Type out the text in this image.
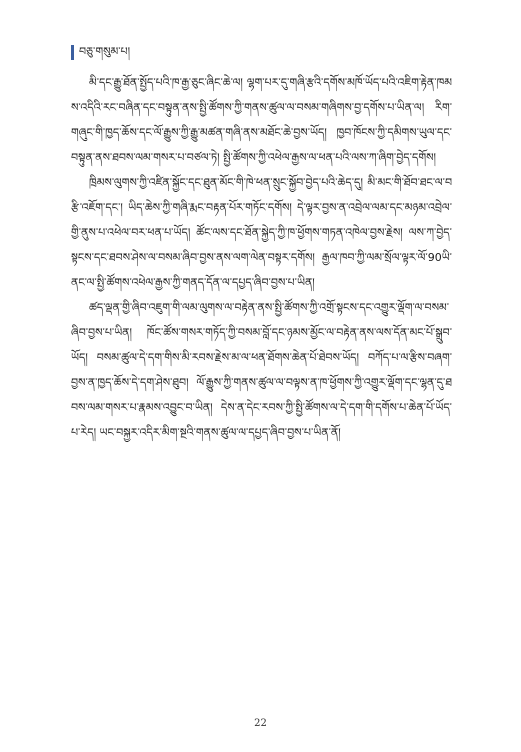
བཅུ་གསུམ་པ།

མི་དང་རྒྱུ་ཐོན་སྤྱོད་པའི་ཁ་རྒྱ་ཅུང་ཞིང་ཆེ་ལ། ལྷག་པར་དུ་གཞི་རྩའི་དགོས་མཁོ་ཡོད་པའི་འཇིག་རྟེན་ཁམས་འདིའི་རང་བཞིན་དང་བསྟུན་ནས་སྤྱི་ཚོགས་ཀྱི་གནས་ཚུལ་ལ་བསམ་གཞིགས་བྱ་དགོས་པ་ཡིན་ལ། རིག་གཞུང་གི་ཁྱད་ཆོས་དང་ལོ་རྒྱུས་ཀྱི་རྒྱུ་མཚན་གཞི་ནས་མཐོང་ཆེ་བྱས་ཡོད། ཁྱབ་ཁོངས་ཀྱི་དམིགས་ཡུལ་དང་བསྟུན་ནས་ཐབས་ལམ་གསར་པ་བཙལ་ཏེ། སྤྱི་ཚོགས་ཀྱི་འཕེལ་རྒྱས་ལ་ཕན་པའི་ལས་ཀ་ཞིག་བྱེད་དགོས།

ཁྲིམས་ལུགས་ཀྱི་འཛིན་སྐྱོང་དང་ཐུན་མོང་གི་ཁེ་ཕན་སྲུང་སྐྱོབ་བྱེད་པའི་ཆེད་དུ། མི་མང་གི་ཐོབ་ཐང་ལ་བརྩི་འཇོག་དང་། ཡིད་ཆེས་ཀྱི་གཞི་རྨང་བརྟན་པོར་གཏོང་དགོས། དེ་ལྟར་བྱས་ན་འབྲེལ་ལམ་དང་མཉམ་འབྲེལ་གྱི་ནུས་པ་འཕེལ་བར་ཕན་པ་ཡོད། ཚོང་ལས་དང་ཐོན་སྐྱེད་ཀྱི་ཁ་ཕྱོགས་གཏན་འཁེལ་བྱས་རྗེས། ལས་ཀ་བྱེད་སྟངས་དང་ཐབས་ཤེས་ལ་བསམ་ཞིབ་བྱས་ནས་ལག་ལེན་བསྟར་དགོས། རྒྱལ་ཁབ་ཀྱི་ལམ་སྲོལ་ལྟར་ལོ་90ཡི་ནང་ལ་སྤྱི་ཚོགས་འཕེལ་རྒྱས་ཀྱི་གནད་དོན་ལ་དཔྱད་ཞིབ་བྱས་པ་ཡིན།

ཚད་ལྡན་གྱི་ཞིབ་འཇུག་གི་ལམ་ལུགས་ལ་བརྟེན་ནས་སྤྱི་ཚོགས་ཀྱི་འགྲོ་སྟངས་དང་འགྱུར་ལྡོག་ལ་བསམ་ཞིབ་བྱས་པ་ཡིན། ཁོང་ཚོས་གསར་གཏོད་ཀྱི་བསམ་བློ་དང་ཉམས་མྱོང་ལ་བརྟེན་ནས་ལས་དོན་མང་པོ་སྒྲུབ་ཡོད། བསམ་ཚུལ་དེ་དག་གིས་མི་རབས་རྗེས་མ་ལ་ཕན་ཐོགས་ཆེན་པོ་ཐེབས་ཡོད། བཀོད་པ་ལ་རྩིས་བཞག་བྱས་ན་ཁྱད་ཆོས་དེ་དག་ཤེས་ཐུབ། ལོ་རྒྱུས་ཀྱི་གནས་ཚུལ་ལ་བལྟས་ན་ཁ་ཕྱོགས་ཀྱི་འགྱུར་ལྡོག་དང་ལྷན་དུ་ཐབས་ལམ་གསར་པ་རྣམས་འབྱུང་བ་ཡིན། དེས་ན་དེང་རབས་ཀྱི་སྤྱི་ཚོགས་ལ་དེ་དག་གི་དགོས་པ་ཆེན་པོ་ཡོད་པ་རེད། ཡང་བསྐྱར་འདིར་མིག་སྔའི་གནས་ཚུལ་ལ་དཔྱད་ཞིབ་བྱས་པ་ཡིན་ནོ།

22
